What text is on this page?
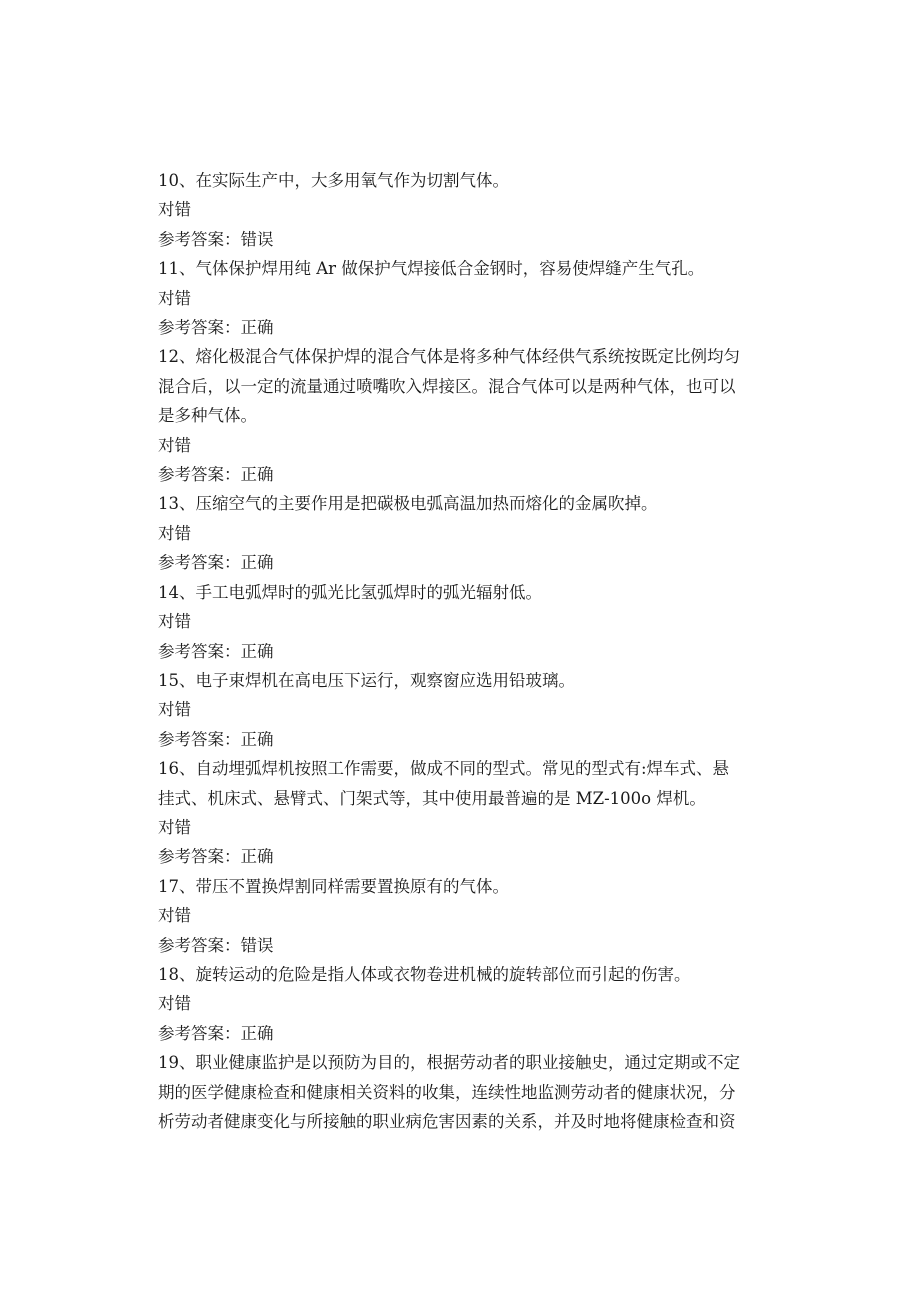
10、在实际生产中，大多用氧气作为切割气体。

对错

参考答案：错误

11、气体保护焊用纯 Ar 做保护气焊接低合金钢时，容易使焊缝产生气孔。

对错

参考答案：正确

12、熔化极混合气体保护焊的混合气体是将多种气体经供气系统按既定比例均匀

混合后，以一定的流量通过喷嘴吹入焊接区。混合气体可以是两种气体，也可以

是多种气体。

对错

参考答案：正确

13、压缩空气的主要作用是把碳极电弧高温加热而熔化的金属吹掉。

对错

参考答案：正确

14、手工电弧焊时的弧光比氢弧焊时的弧光辐射低。

对错

参考答案：正确

15、电子束焊机在高电压下运行，观察窗应选用铅玻璃。

对错

参考答案：正确

16、自动埋弧焊机按照工作需要，做成不同的型式。常见的型式有:焊车式、悬

挂式、机床式、悬臂式、门架式等，其中使用最普遍的是 MZ-100o 焊机。

对错

参考答案：正确

17、带压不置换焊割同样需要置换原有的气体。

对错

参考答案：错误

18、旋转运动的危险是指人体或衣物卷进机械的旋转部位而引起的伤害。

对错

参考答案：正确

19、职业健康监护是以预防为目的，根据劳动者的职业接触史，通过定期或不定

期的医学健康检查和健康相关资料的收集，连续性地监测劳动者的健康状况，分

析劳动者健康变化与所接触的职业病危害因素的关系，并及时地将健康检查和资
